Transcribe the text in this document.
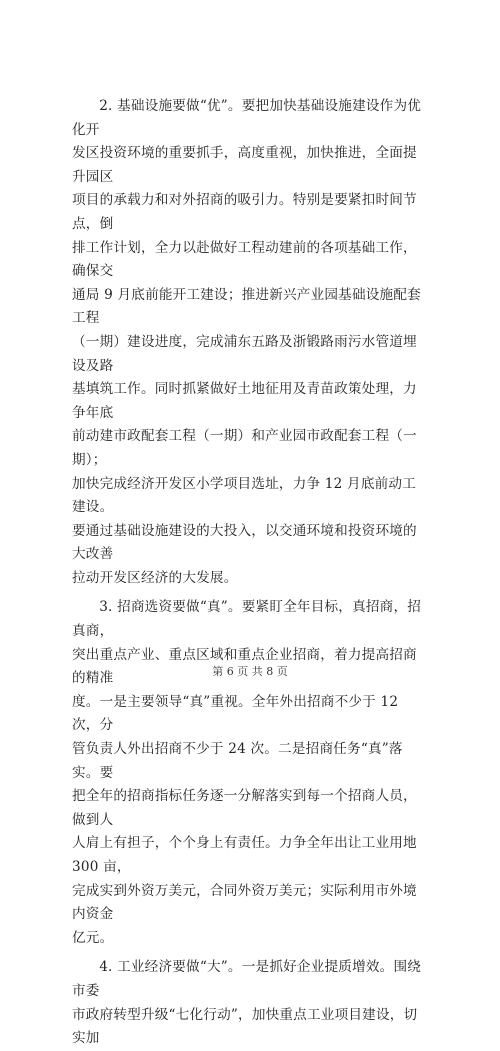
2. 基础设施要做“优”。要把加快基础设施建设作为优化开
发区投资环境的重要抓手，高度重视，加快推进，全面提升园区
项目的承载力和对外招商的吸引力。特别是要紧扣时间节点，倒
排工作计划，全力以赴做好工程动建前的各项基础工作，确保交
通局 9 月底前能开工建设；推进新兴产业园基础设施配套工程
（一期）建设进度，完成浦东五路及浙锻路雨污水管道埋设及路
基填筑工作。同时抓紧做好土地征用及青苗政策处理，力争年底
前动建市政配套工程（一期）和产业园市政配套工程（一期）；
加快完成经济开发区小学项目选址，力争 12 月底前动工建设。
要通过基础设施建设的大投入，以交通环境和投资环境的大改善
拉动开发区经济的大发展。
3. 招商选资要做“真”。要紧盯全年目标，真招商，招真商，
突出重点产业、重点区域和重点企业招商，着力提高招商的精准
度。一是主要领导“真”重视。全年外出招商不少于 12 次，分
管负责人外出招商不少于 24 次。二是招商任务“真”落实。要
把全年的招商指标任务逐一分解落实到每一个招商人员，做到人
人肩上有担子，个个身上有责任。力争全年出让工业用地 300 亩，
完成实到外资万美元，合同外资万美元；实际利用市外境内资金
亿元。
4. 工业经济要做“大”。一是抓好企业提质增效。围绕市委
市政府转型升级“七化行动”，加快重点工业项目建设，切实加
第 6 页 共 8 页
